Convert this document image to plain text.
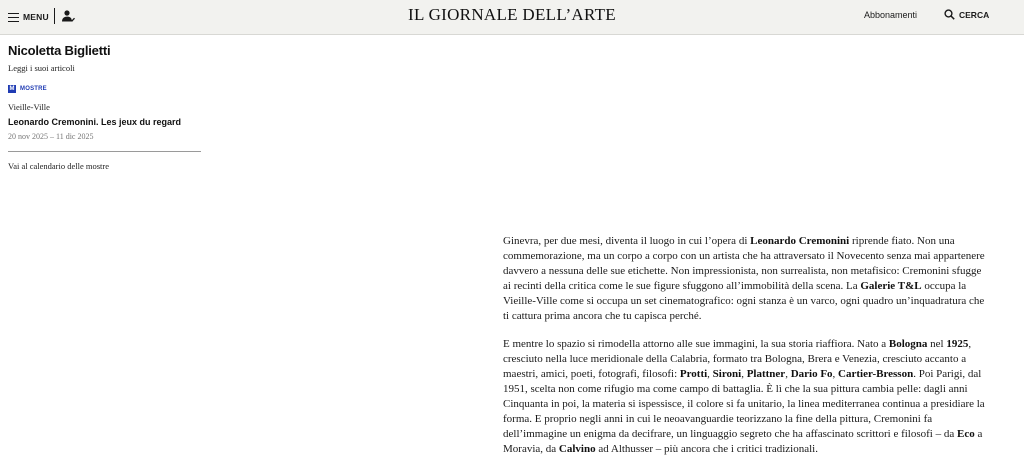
MENU	IL GIORNALE DELL’ARTE	Abbonamenti	CERCA
Nicoletta Biglietti
Leggi i suoi articoli
M MOSTRE
Vieille-Ville
Leonardo Cremonini. Les jeux du regard
20 nov 2025 – 11 dic 2025
Vai al calendario delle mostre

Ginevra, per due mesi, diventa il luogo in cui l’opera di Leonardo Cremonini riprende fiato. Non una commemorazione, ma un corpo a corpo con un artista che ha attraversato il Novecento senza mai appartenere davvero a nessuna delle sue etichette. Non impressionista, non surrealista, non metafisico: Cremonini sfugge ai recinti della critica come le sue figure sfuggono all’immobilità della scena. La Galerie T&L occupa la Vieille-Ville come si occupa un set cinematografico: ogni stanza è un varco, ogni quadro un’inquadratura che ti cattura prima ancora che tu capisca perché.

E mentre lo spazio si rimodella attorno alle sue immagini, la sua storia riaffiora. Nato a Bologna nel 1925, cresciuto nella luce meridionale della Calabria, formato tra Bologna, Brera e Venezia, cresciuto accanto a maestri, amici, poeti, fotografi, filosofi: Protti, Sironi, Plattner, Dario Fo, Cartier-Bresson. Poi Parigi, dal 1951, scelta non come rifugio ma come campo di battaglia. È lì che la sua pittura cambia pelle: dagli anni Cinquanta in poi, la materia si ispessisce, il colore si fa unitario, la linea mediterranea continua a presidiare la forma. E proprio negli anni in cui le neoavanguardie teorizzano la fine della pittura, Cremonini fa dell’immagine un enigma da decifrare, un linguaggio segreto che ha affascinato scrittori e filosofi – da Eco a Moravia, da Calvino ad Althusser – più ancora che i critici tradizionali.
